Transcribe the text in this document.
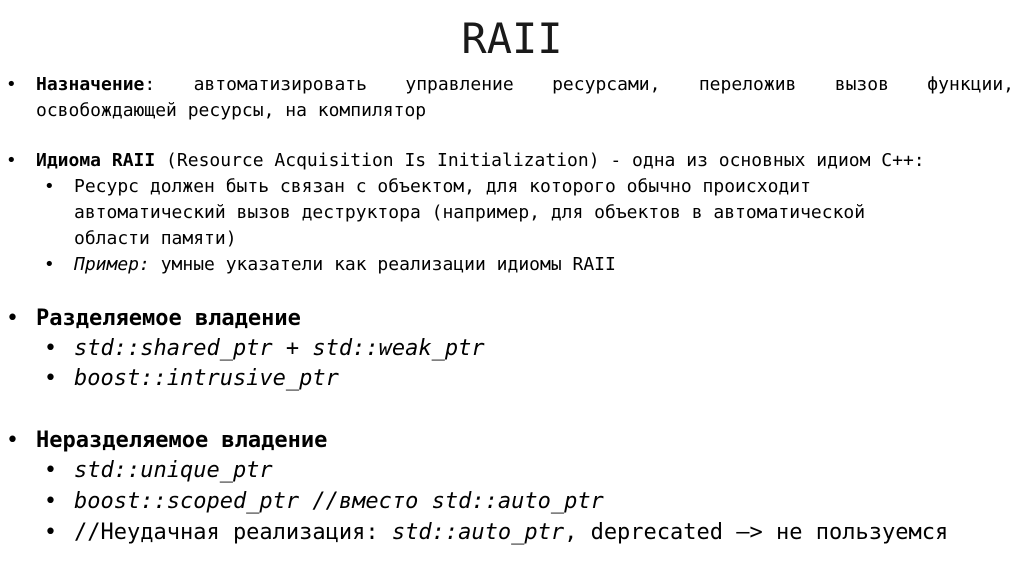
RAII
• Назначение: автоматизировать управление ресурсами, переложив вызов функции,
освобождающей ресурсы, на компилятор
• Идиома RAII (Resource Acquisition Is Initialization) - одна из основных идиом C++:
• Ресурс должен быть связан с объектом, для которого обычно происходит
автоматический вызов деструктора (например, для объектов в автоматической
области памяти)
• Пример: умные указатели как реализации идиомы RAII
• Разделяемое владение
• std::shared_ptr + std::weak_ptr
• boost::intrusive_ptr
• Неразделяемое владение
• std::unique_ptr
• boost::scoped_ptr //вместо std::auto_ptr
• //Неудачная реализация: std::auto_ptr, deprecated –> не пользуемся
